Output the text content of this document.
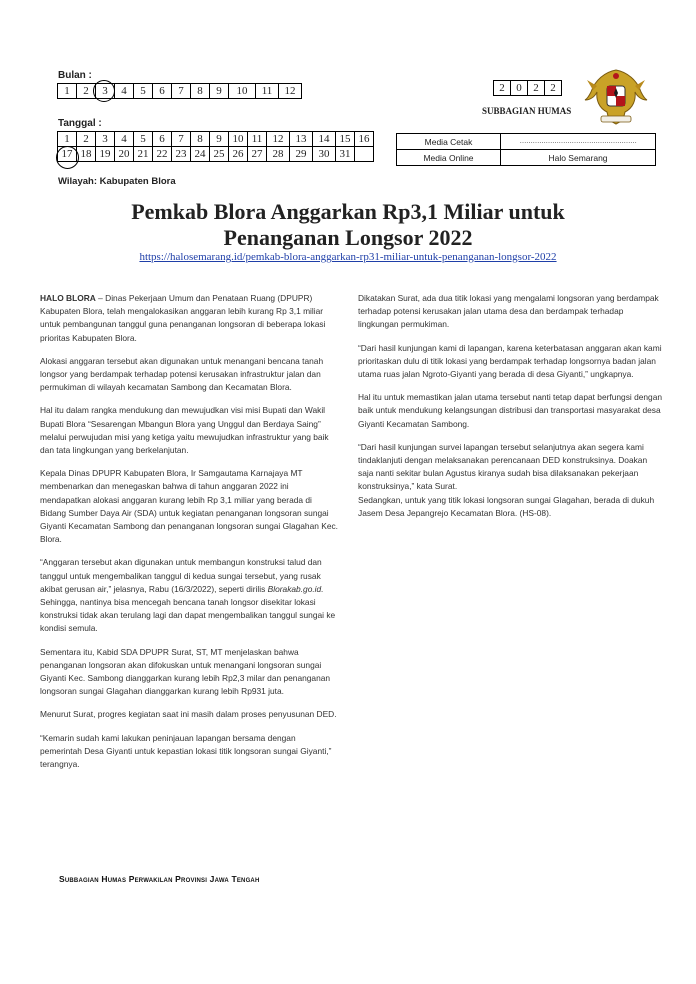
Bulan :
1	2	3	4	5	6	7	8	9	10	11	12
Tanggal :
1	2	3	4	5	6	7	8	9	10	11	12	13	14	15	16
17	18	19	20	21	22	23	24	25	26	27	28	29	30	31	
Wilayah: Kabupaten Blora
2	0	2	2
SUBBAGIAN HUMAS
Media Cetak	………………………………………………
Media Online	Halo Semarang
Pemkab Blora Anggarkan Rp3,1 Miliar untuk
Penanganan Longsor 2022
https://halosemarang.id/pemkab-blora-anggarkan-rp31-miliar-untuk-penanganan-longsor-2022

HALO BLORA – Dinas Pekerjaan Umum dan Penataan Ruang (DPUPR) Kabupaten Blora, telah mengalokasikan anggaran lebih kurang Rp 3,1 miliar untuk pembangunan tanggul guna penanganan longsoran di beberapa lokasi prioritas Kabupaten Blora.

Alokasi anggaran tersebut akan digunakan untuk menangani bencana tanah longsor yang berdampak terhadap potensi kerusakan infrastruktur jalan dan permukiman di wilayah kecamatan Sambong dan Kecamatan Blora.

Hal itu dalam rangka mendukung dan mewujudkan visi misi Bupati dan Wakil Bupati Blora “Sesarengan Mbangun Blora yang Unggul dan Berdaya Saing” melalui perwujudan misi yang ketiga yaitu mewujudkan infrastruktur yang baik dan tata lingkungan yang berkelanjutan.

Kepala Dinas DPUPR Kabupaten Blora, Ir Samgautama Karnajaya MT membenarkan dan menegaskan bahwa di tahun anggaran 2022 ini mendapatkan alokasi anggaran kurang lebih Rp 3,1 miliar yang berada di Bidang Sumber Daya Air (SDA) untuk kegiatan penanganan longsoran sungai Giyanti Kecamatan Sambong dan penanganan longsoran sungai Glagahan Kec. Blora.

“Anggaran tersebut akan digunakan untuk membangun konstruksi talud dan tanggul untuk mengembalikan tanggul di kedua sungai tersebut, yang rusak akibat gerusan air,” jelasnya, Rabu (16/3/2022), seperti dirilis Blorakab.go.id.

Sehingga, nantinya bisa mencegah bencana tanah longsor disekitar lokasi konstruksi tidak akan terulang lagi dan dapat mengembalikan tanggul sungai ke kondisi semula.

Sementara itu, Kabid SDA DPUPR Surat, ST, MT menjelaskan bahwa penanganan longsoran akan difokuskan untuk menangani longsoran sungai Giyanti Kec. Sambong dianggarkan kurang lebih Rp2,3 milar dan penanganan longsoran sungai Glagahan dianggarkan kurang lebih Rp931 juta.

Menurut Surat, progres kegiatan saat ini masih dalam proses penyusunan DED.

“Kemarin sudah kami lakukan peninjauan lapangan bersama dengan pemerintah Desa Giyanti untuk kepastian lokasi titik longsoran sungai Giyanti,” terangnya.

Dikatakan Surat, ada dua titik lokasi yang mengalami longsoran yang berdampak terhadap potensi kerusakan jalan utama desa dan berdampak terhadap lingkungan permukiman.

“Dari hasil kunjungan kami di lapangan, karena keterbatasan anggaran akan kami prioritaskan dulu di titik lokasi yang berdampak terhadap longsornya badan jalan utama ruas jalan Ngroto-Giyanti yang berada di desa Giyanti,” ungkapnya.

Hal itu untuk memastikan jalan utama tersebut nanti tetap dapat berfungsi dengan baik untuk mendukung kelangsungan distribusi dan transportasi masyarakat desa Giyanti Kecamatan Sambong.

“Dari hasil kunjungan survei lapangan tersebut selanjutnya akan segera kami tindaklanjuti dengan melaksanakan perencanaan DED konstruksinya. Doakan saja nanti sekitar bulan Agustus kiranya sudah bisa dilaksanakan pekerjaan konstruksinya,” kata Surat.

Sedangkan, untuk yang titik lokasi longsoran sungai Glagahan, berada di dukuh Jasem Desa Jepangrejo Kecamatan Blora. (HS-08).

Subbagian Humas Perwakilan Provinsi Jawa Tengah
